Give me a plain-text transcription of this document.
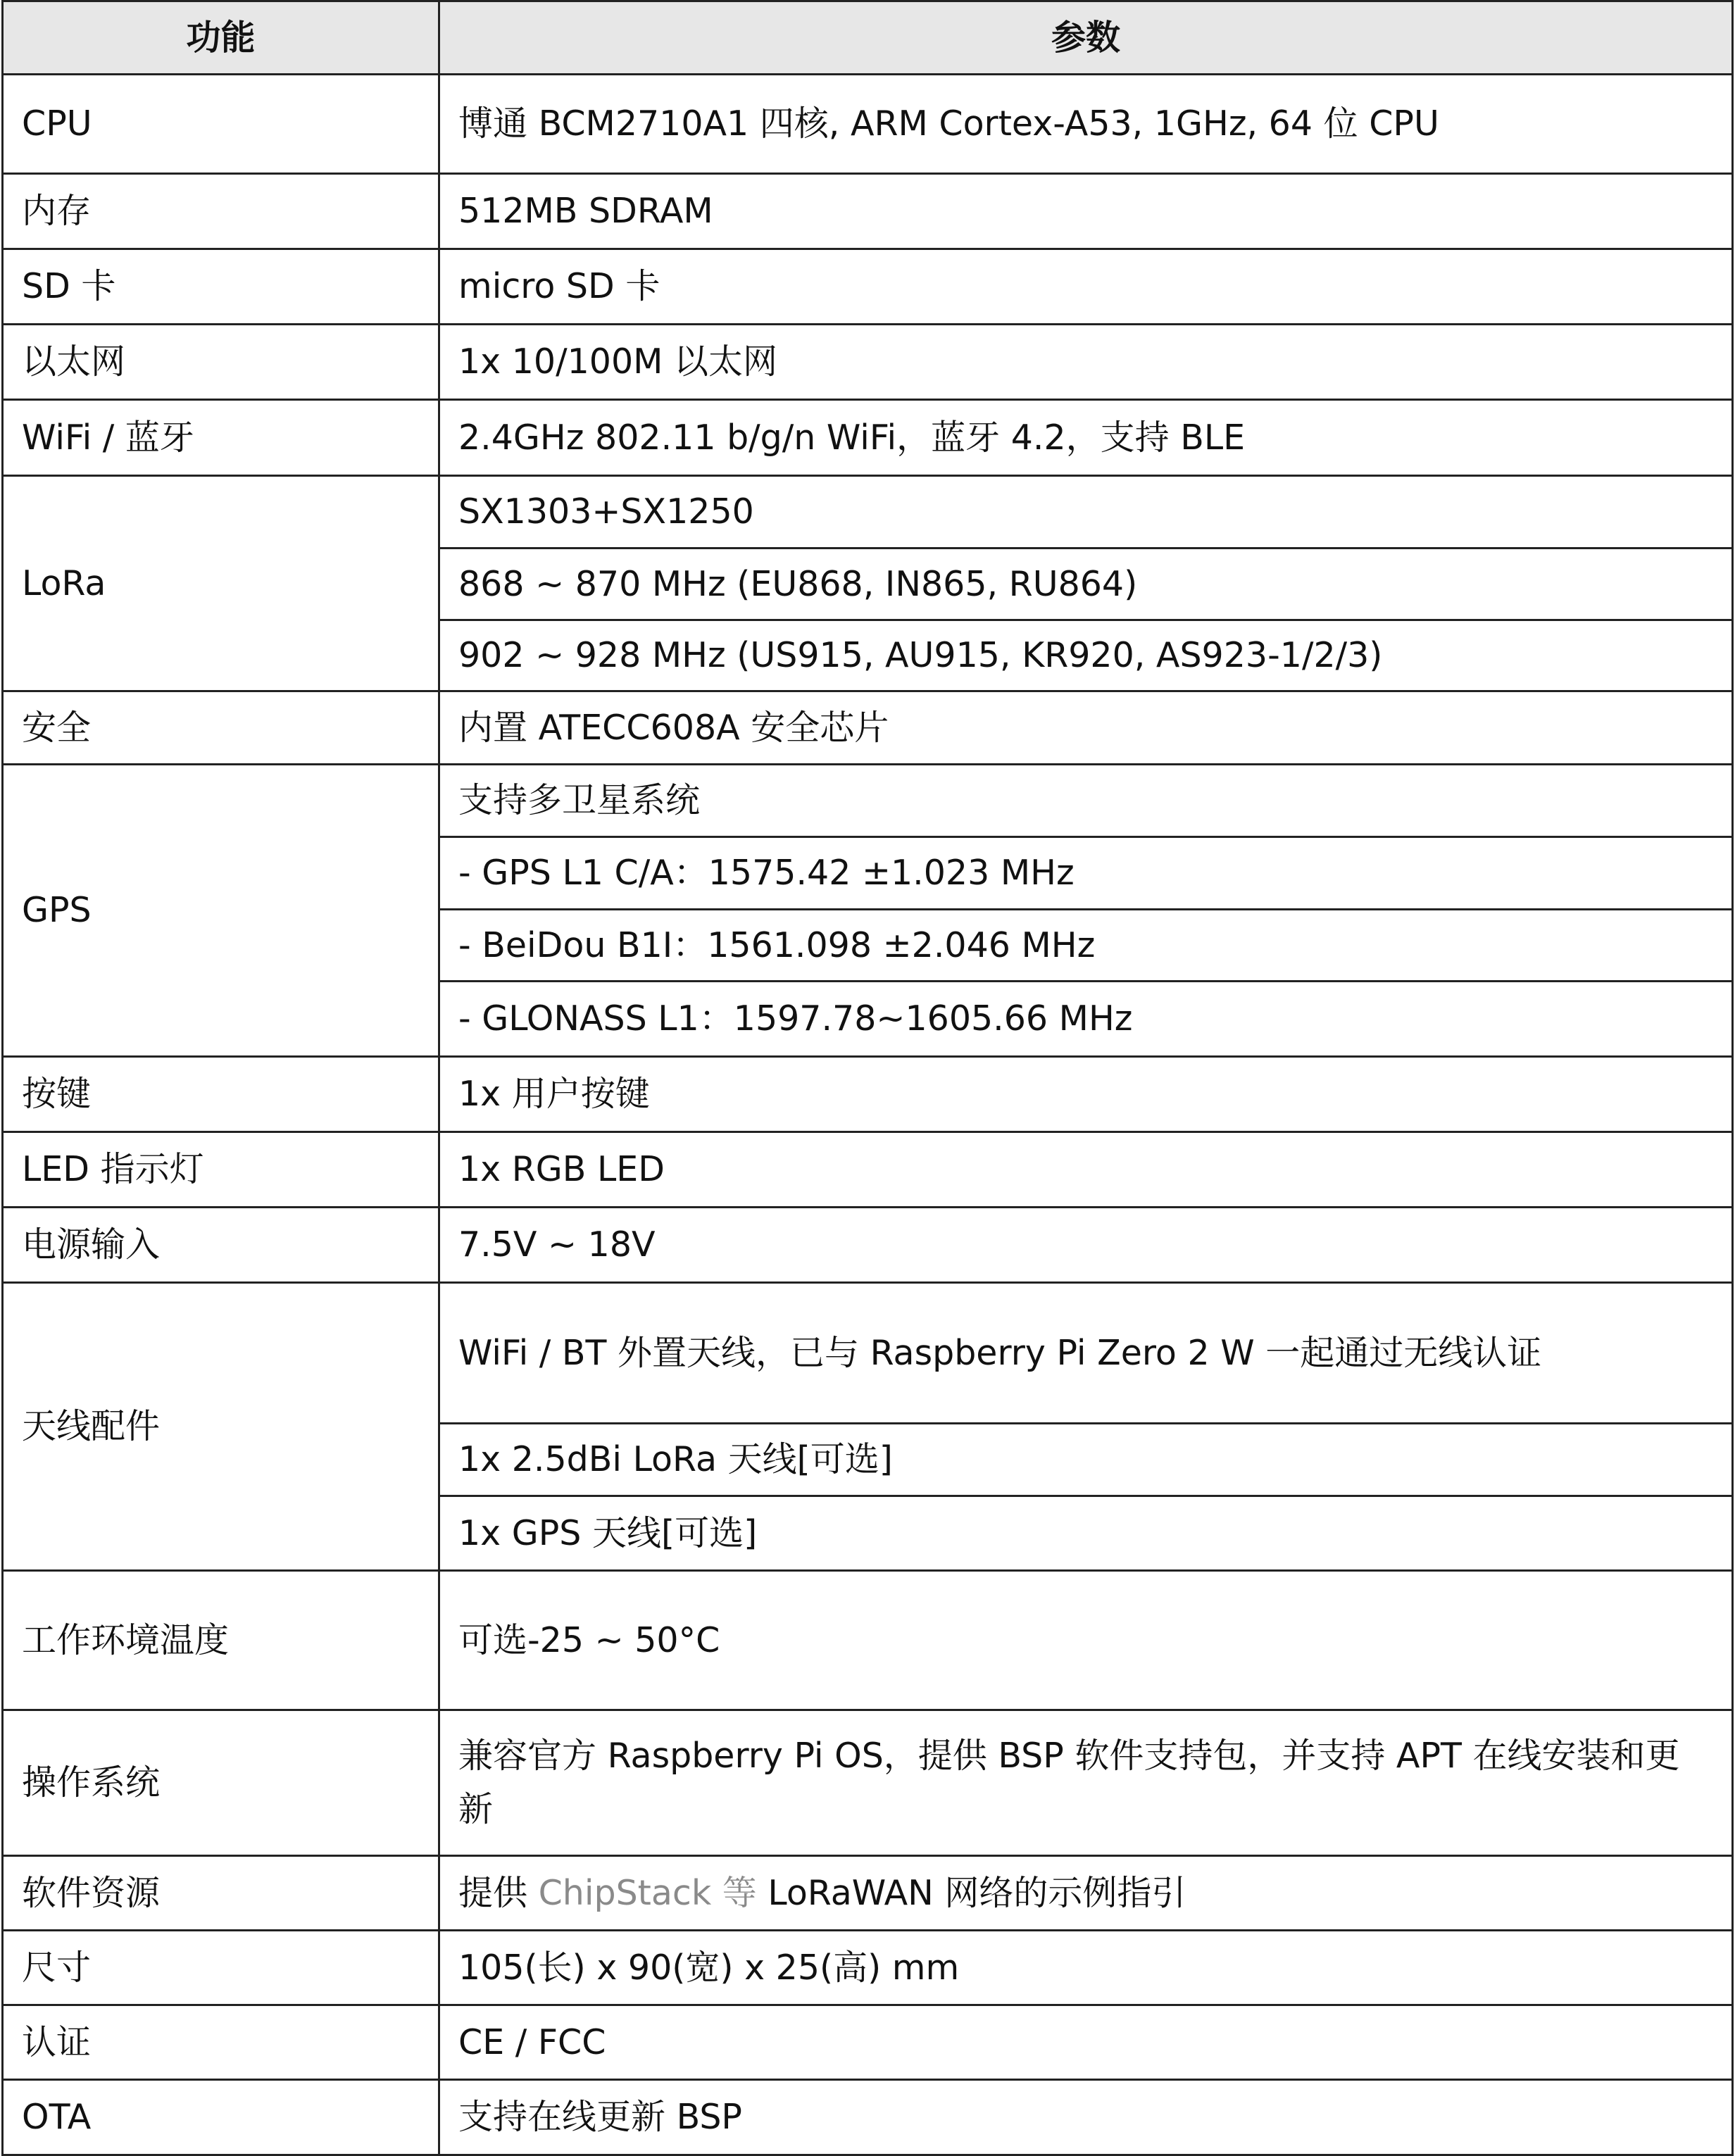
功能	参数
CPU	博通 BCM2710A1 四核, ARM Cortex-A53, 1GHz, 64 位 CPU
内存	512MB SDRAM
SD 卡	micro SD 卡
以太网	1x 10/100M 以太网
WiFi / 蓝牙	2.4GHz 802.11 b/g/n WiFi，蓝牙 4.2，支持 BLE
LoRa	SX1303+SX1250
	868 ~ 870 MHz (EU868, IN865, RU864)
	902 ~ 928 MHz (US915, AU915, KR920, AS923-1/2/3)
安全	内置 ATECC608A 安全芯片
GPS	支持多卫星系统
	- GPS L1 C/A：1575.42 ±1.023 MHz
	- BeiDou B1I：1561.098 ±2.046 MHz
	- GLONASS L1：1597.78~1605.66 MHz
按键	1x 用户按键
LED 指示灯	1x RGB LED
电源输入	7.5V ~ 18V
天线配件	WiFi / BT 外置天线，已与 Raspberry Pi Zero 2 W 一起通过无线认证
	1x 2.5dBi LoRa 天线[可选]
	1x GPS 天线[可选]
工作环境温度	可选-25 ~ 50°C
操作系统	兼容官方 Raspberry Pi OS，提供 BSP 软件支持包，并支持 APT 在线安装和更新
软件资源	提供 ChipStack 等 LoRaWAN 网络的示例指引
尺寸	105(长) x 90(宽) x 25(高) mm
认证	CE / FCC
OTA	支持在线更新 BSP
